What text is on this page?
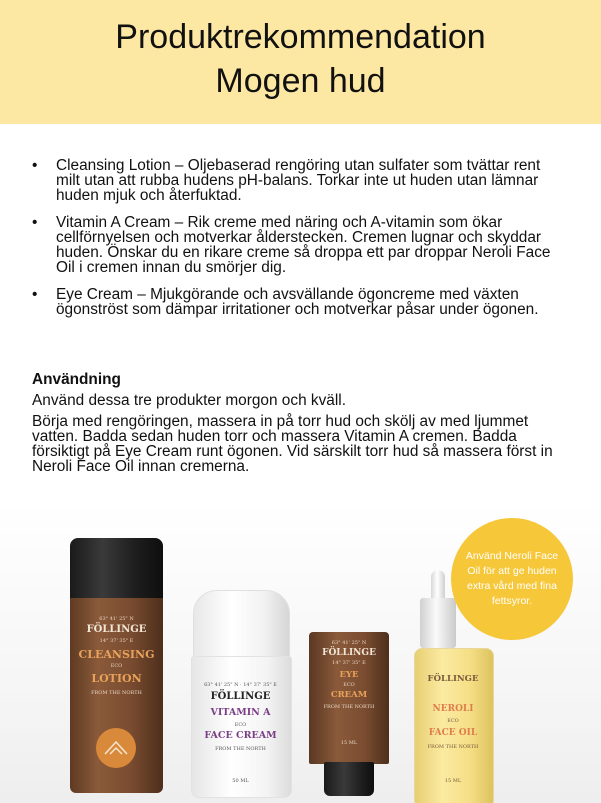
Produktrekommendation
Mogen hud
• Cleansing Lotion – Oljebaserad rengöring utan sulfater som tvättar rent milt utan att rubba hudens pH-balans. Torkar inte ut huden utan lämnar huden mjuk och återfuktad.
• Vitamin A Cream – Rik creme med näring och A-vitamin som ökar cellförnyelsen och motverkar ålderstecken. Cremen lugnar och skyddar huden. Önskar du en rikare creme så droppa ett par droppar Neroli Face Oil i cremen innan du smörjer dig.
• Eye Cream – Mjukgörande och avsvällande ögoncreme med växten ögonströst som dämpar irritationer och motverkar påsar under ögonen.
Användning

Använd dessa tre produkter morgon och kväll.

Börja med rengöringen, massera in på torr hud och skölj av med ljummet vatten. Badda sedan huden torr och massera Vitamin A cremen. Badda försiktigt på Eye Cream runt ögonen. Vid särskilt torr hud så massera först in Neroli Face Oil innan cremerna.

63° 41' 25" N
FÖLLINGE
14° 37' 35" E
CLEANSING
ECO
LOTION
FROM THE NORTH
63° 41' 25" N · 14° 37' 35" E
FÖLLINGE
VITAMIN A
ECO
FACE CREAM
FROM THE NORTH
50 ML
63° 41' 25" N
FÖLLINGE
14° 37' 35" E
EYE
ECO
CREAM
FROM THE NORTH
15 ML
FÖLLINGE
NEROLI
ECO
FACE OIL
FROM THE NORTH
15 ML
Använd Neroli Face Oil för att ge huden extra vård med fina fettsyror.
